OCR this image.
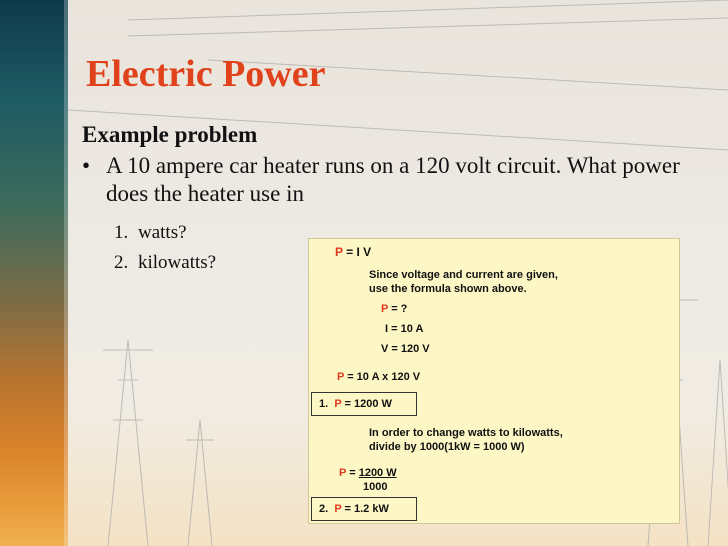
Electric Power
Example problem
• A 10 ampere car heater runs on a 120 volt circuit. What power does the heater use in
1. watts?
2. kilowatts?	P = I V
Since voltage and current are given,
use the formula shown above.
P = ?
I = 10 A
V = 120 V
P = 10 A x 120 V
1. P = 1200 W
In order to change watts to kilowatts,
divide by 1000(1kW = 1000 W)
P = 1200 W
1000
2. P = 1.2 kW
